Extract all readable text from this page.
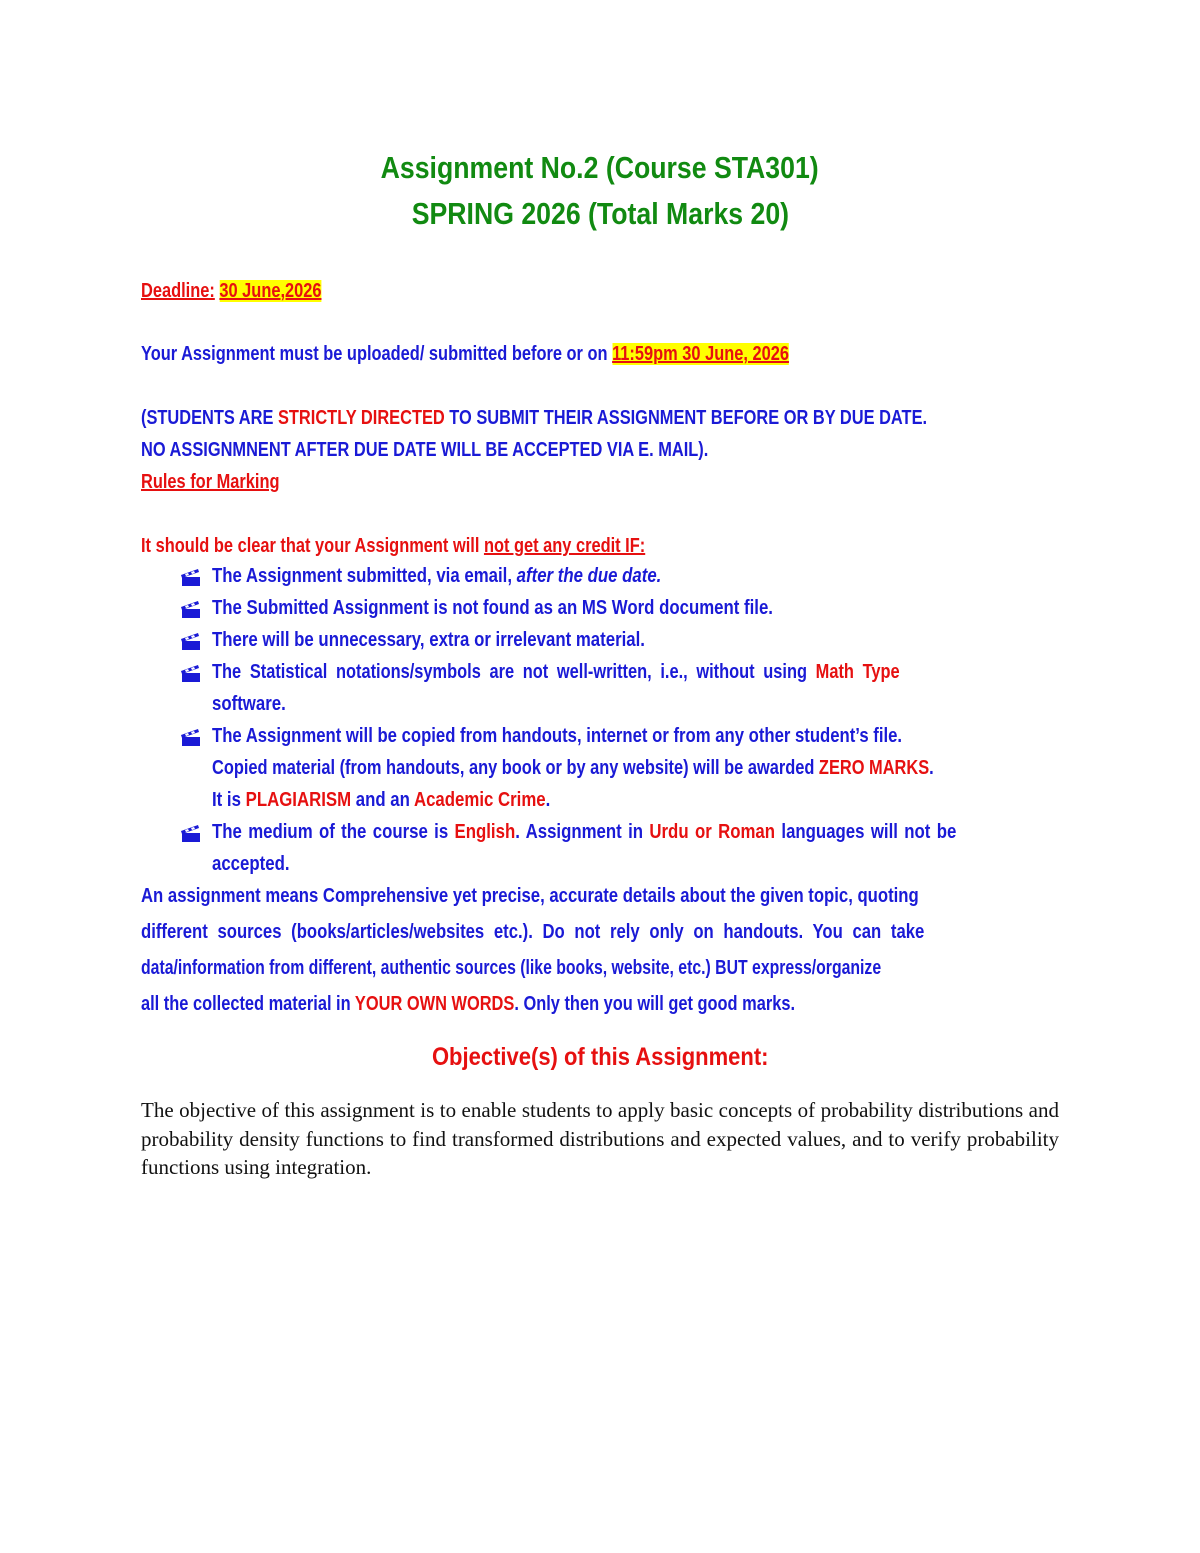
Assignment No.2 (Course STA301)
SPRING 2026 (Total Marks 20)
Deadline: 30 June,2026
Your Assignment must be uploaded/ submitted before or on 11:59pm 30 June, 2026
(STUDENTS ARE STRICTLY DIRECTED TO SUBMIT THEIR ASSIGNMENT BEFORE OR BY DUE DATE.
NO ASSIGNMNENT AFTER DUE DATE WILL BE ACCEPTED VIA E. MAIL).
Rules for Marking
It should be clear that your Assignment will not get any credit IF:
The Assignment submitted, via email, after the due date.
The Submitted Assignment is not found as an MS Word document file.
There will be unnecessary, extra or irrelevant material.
The Statistical notations/symbols are not well-written, i.e., without using Math Type
software.
The Assignment will be copied from handouts, internet or from any other student’s file.
Copied material (from handouts, any book or by any website) will be awarded ZERO MARKS.
It is PLAGIARISM and an Academic Crime.
The medium of the course is English. Assignment in Urdu or Roman languages will not be
accepted.
An assignment means Comprehensive yet precise, accurate details about the given topic, quoting
different sources (books/articles/websites etc.). Do not rely only on handouts. You can take
data/information from different, authentic sources (like books, website, etc.) BUT express/organize
all the collected material in YOUR OWN WORDS. Only then you will get good marks.
Objective(s) of this Assignment:
The objective of this assignment is to enable students to apply basic concepts of probability distributions and probability density functions to find transformed distributions and expected values, and to verify probability functions using integration.
